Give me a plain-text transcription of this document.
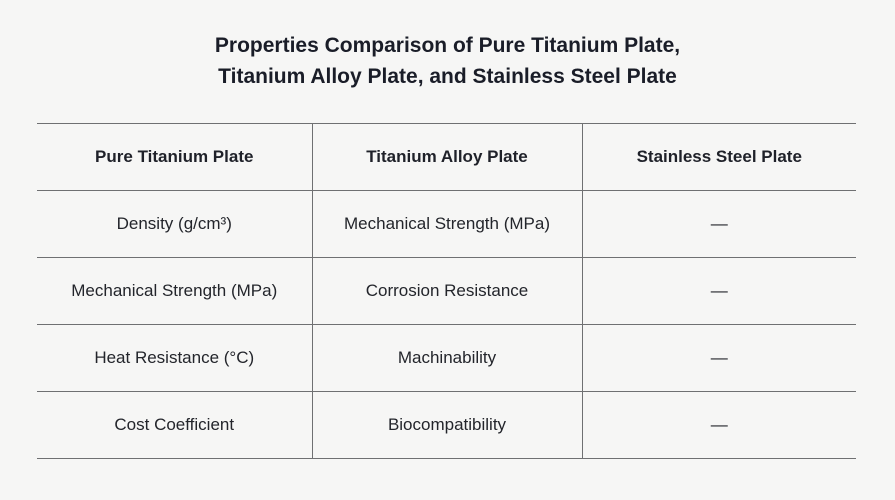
Properties Comparison of Pure Titanium Plate,
Titanium Alloy Plate, and Stainless Steel Plate
Pure Titanium Plate	Titanium Alloy Plate	Stainless Steel Plate
Density (g/cm³)	Mechanical Strength (MPa)	—
Mechanical Strength (MPa)	Corrosion Resistance	—
Heat Resistance (°C)	Machinability	—
Cost Coefficient	Biocompatibility	—
